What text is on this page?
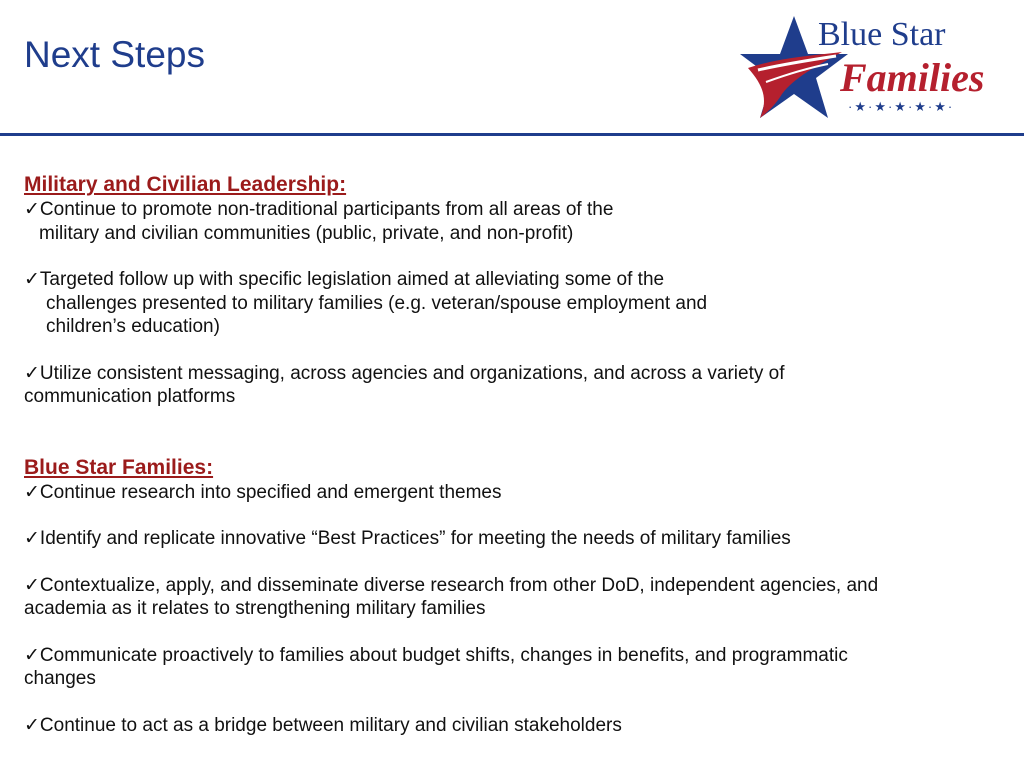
Next Steps	Blue Star
Families
·★·★·★·★·★·
Military and Civilian Leadership:
✓Continue to promote non-traditional participants from all areas of the
military and civilian communities (public, private, and non-profit)
✓Targeted follow up with specific legislation aimed at alleviating some of the
challenges presented to military families (e.g. veteran/spouse employment and
children’s education)
✓Utilize consistent messaging, across agencies and organizations, and across a variety of
communication platforms
Blue Star Families:
✓Continue research into specified and emergent themes
✓Identify and replicate innovative “Best Practices” for meeting the needs of military families
✓Contextualize, apply, and disseminate diverse research from other DoD, independent agencies, and
academia as it relates to strengthening military families
✓Communicate proactively to families about budget shifts, changes in benefits, and programmatic
changes
✓Continue to act as a bridge between military and civilian stakeholders
